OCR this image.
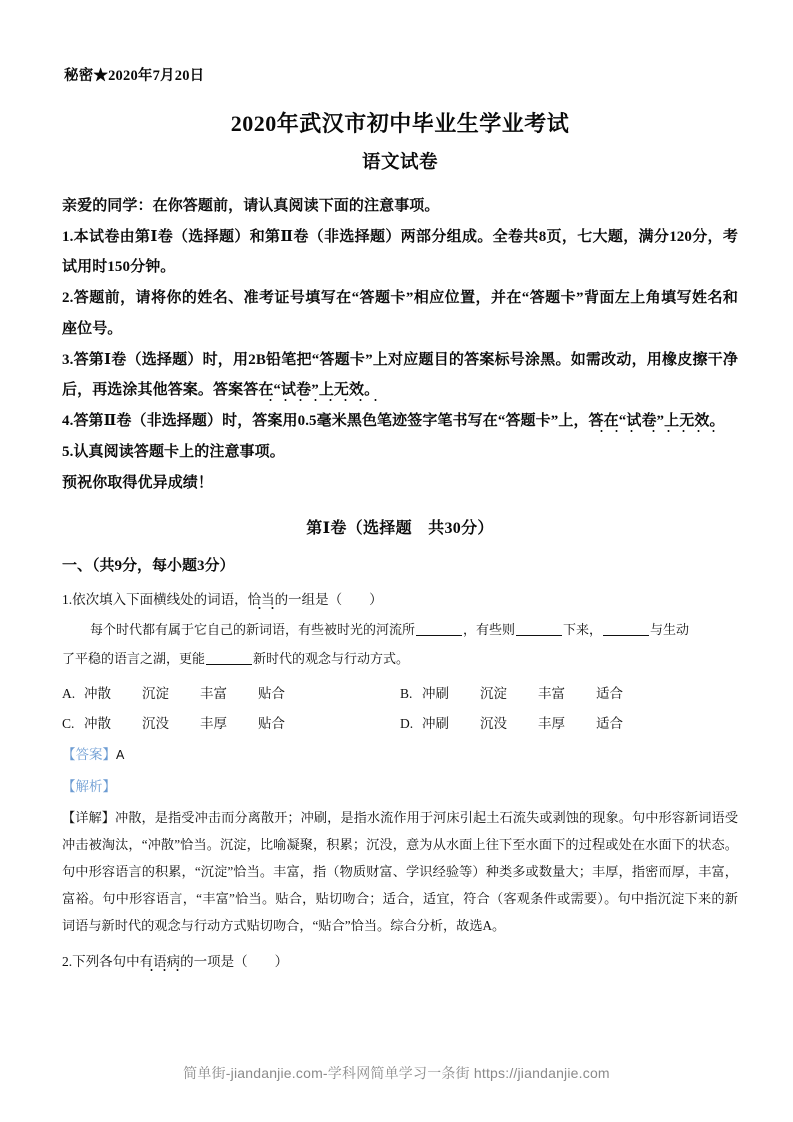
秘密★2020年7月20日
2020年武汉市初中毕业生学业考试
语文试卷

亲爱的同学：在你答题前，请认真阅读下面的注意事项。

1.本试卷由第Ⅰ卷（选择题）和第Ⅱ卷（非选择题）两部分组成。全卷共8页，七大题，满分120分，考试用时150分钟。

2.答题前，请将你的姓名、准考证号填写在“答题卡”相应位置，并在“答题卡”背面左上角填写姓名和座位号。

3.答第Ⅰ卷（选择题）时，用2B铅笔把“答题卡”上对应题目的答案标号涂黑。如需改动，用橡皮擦干净后，再选涂其他答案。答案答在“试卷”上无效。

4.答第Ⅱ卷（非选择题）时，答案用0.5毫米黑色笔迹签字笔书写在“答题卡”上，答在“试卷”上无效。

5.认真阅读答题卡上的注意事项。

预祝你取得优异成绩！

第Ⅰ卷（选择题　共30分）
一、（共9分，每小题3分）
1.依次填入下面横线处的词语，恰当的一组是（　　）
每个时代都有属于它自己的新词语，有些被时光的河流所	，有些则	下来，	与生动
了平稳的语言之湖，更能	新时代的观念与行动方式。
A. 冲散	沉淀	丰富	贴合	B. 冲刷	沉淀	丰富	适合
C. 冲散	沉没	丰厚	贴合	D. 冲刷	沉没	丰厚	适合
【答案】A
【解析】
【详解】冲散，是指受冲击而分离散开；冲刷，是指水流作用于河床引起土石流失或剥蚀的现象。句中形容新词语受冲击被淘汰，“冲散”恰当。沉淀，比喻凝聚，积累；沉没，意为从水面上往下至水面下的过程或处在水面下的状态。句中形容语言的积累，“沉淀”恰当。丰富，指（物质财富、学识经验等）种类多或数量大；丰厚，指密而厚，丰富，富裕。句中形容语言，“丰富”恰当。贴合，贴切吻合；适合，适宜，符合（客观条件或需要）。句中指沉淀下来的新词语与新时代的观念与行动方式贴切吻合，“贴合”恰当。综合分析，故选A。
2.下列各句中有语病的一项是（　　）
简单街-jiandanjie.com-学科网简单学习一条街 https://jiandanjie.com
